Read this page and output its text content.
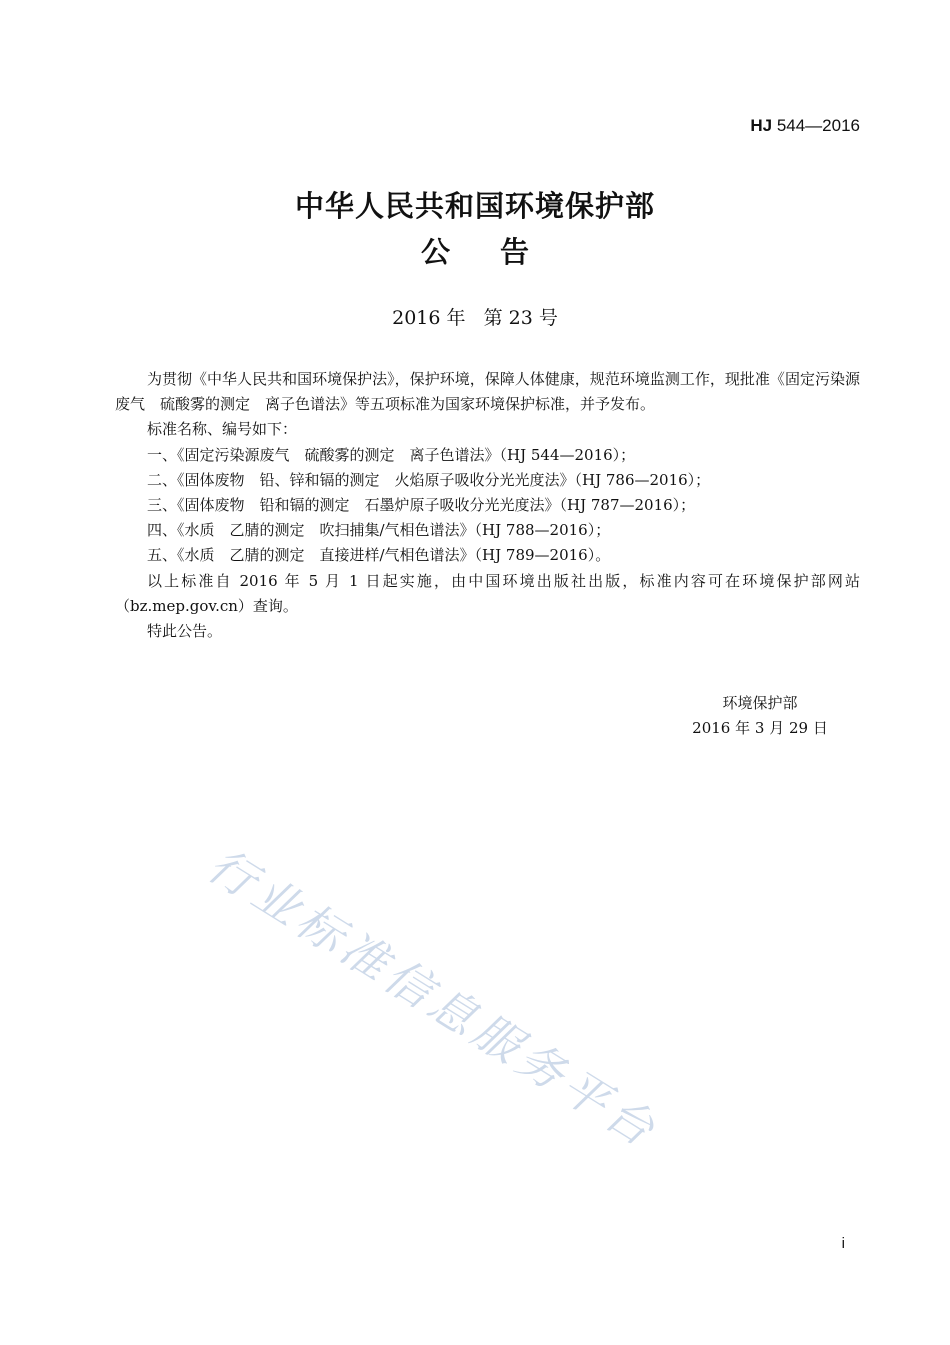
HJ 544—2016
中华人民共和国环境保护部
公告
2016 年   第 23 号

为贯彻《中华人民共和国环境保护法》，保护环境，保障人体健康，规范环境监测工作，现批准《固定污染源废气　硫酸雾的测定　离子色谱法》等五项标准为国家环境保护标准，并予发布。

标准名称、编号如下：

一、《固定污染源废气　硫酸雾的测定　离子色谱法》（HJ 544—2016）；

二、《固体废物　铅、锌和镉的测定　火焰原子吸收分光光度法》（HJ 786—2016）；

三、《固体废物　铅和镉的测定　石墨炉原子吸收分光光度法》（HJ 787—2016）；

四、《水质　乙腈的测定　吹扫捕集/气相色谱法》（HJ 788—2016）；

五、《水质　乙腈的测定　直接进样/气相色谱法》（HJ 789—2016）。

以上标准自 2016 年 5 月 1 日起实施，由中国环境出版社出版，标准内容可在环境保护部网站（bz.mep.gov.cn）查询。

特此公告。

环境保护部
2016 年 3 月 29 日
行业标准信息服务平台
i
